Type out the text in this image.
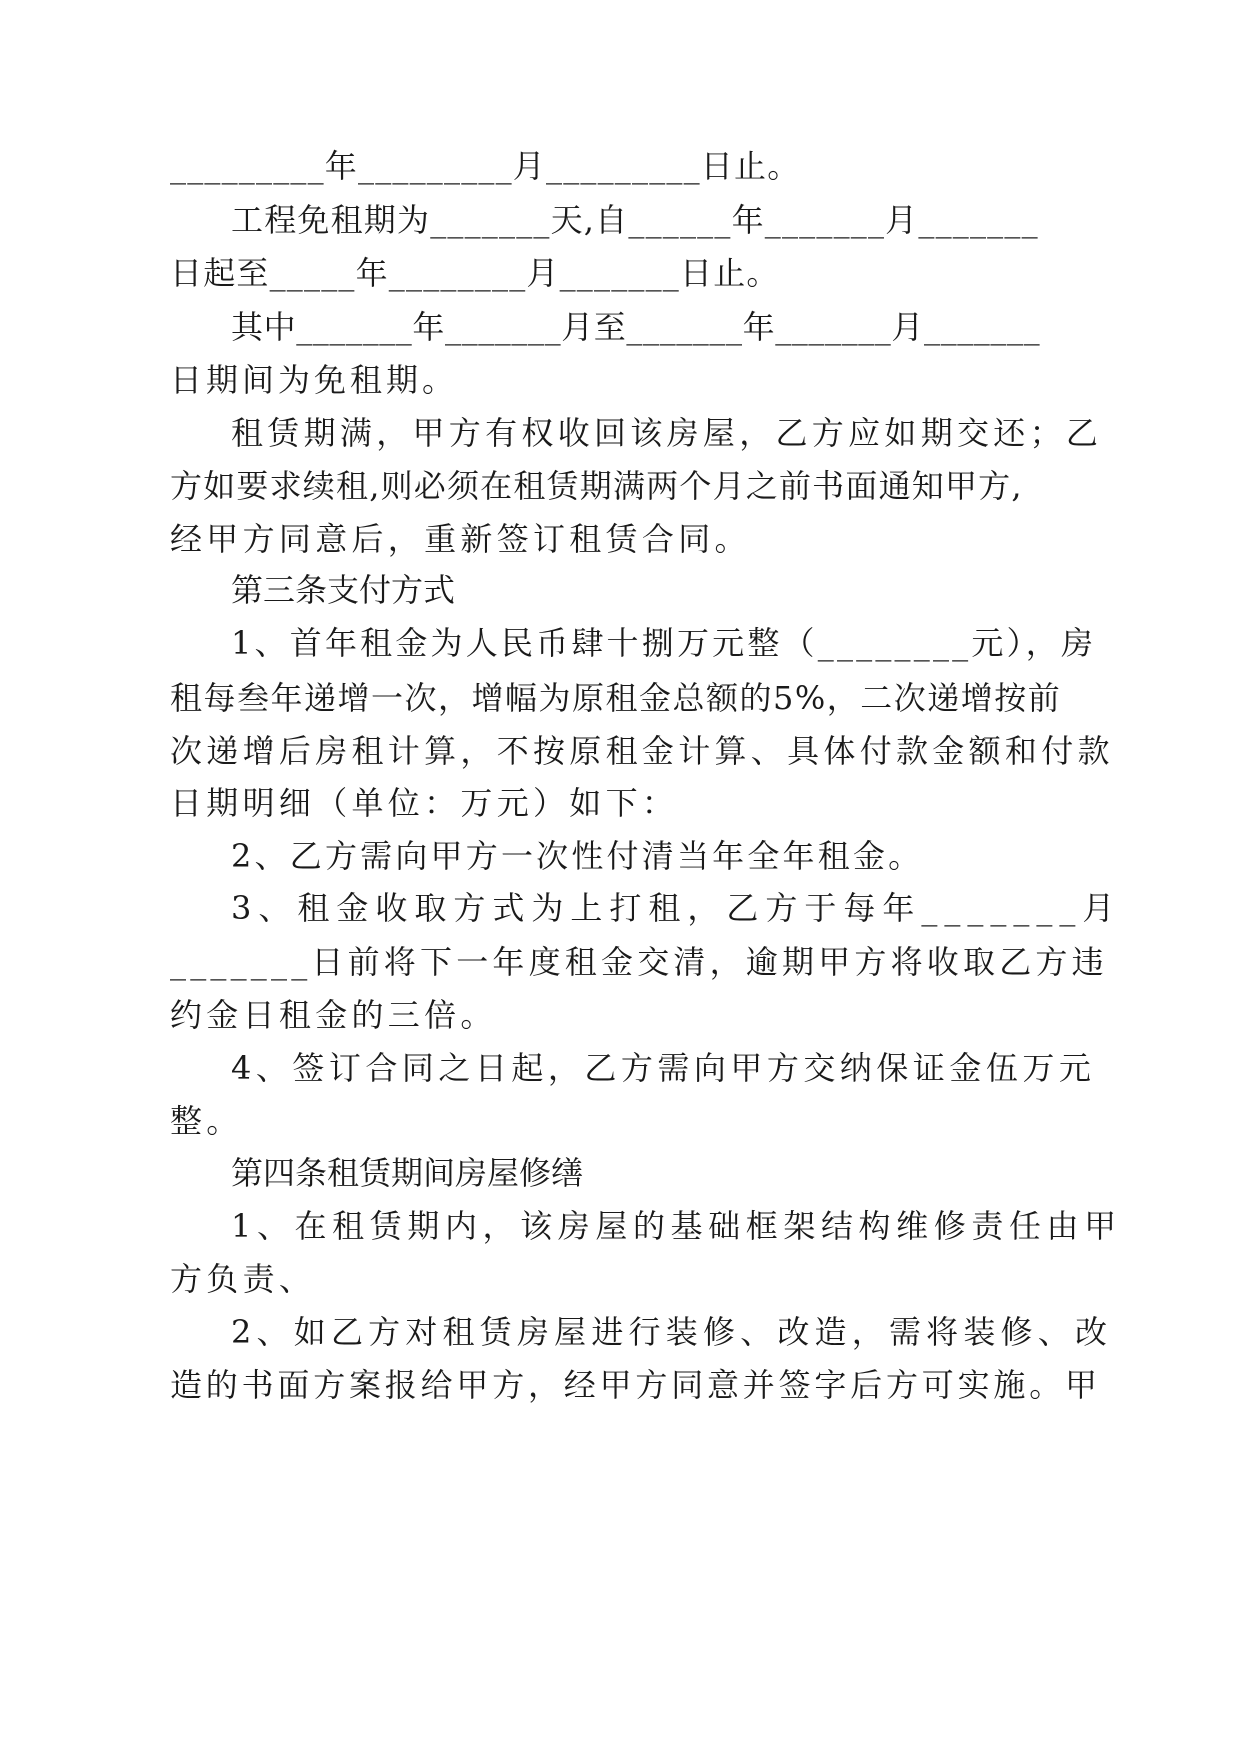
_________年_________月_________日止。

工程免租期为_______天,自______年_______月_______

日起至_____年________月_______日止。

其中_______年_______月至_______年_______月_______

日期间为免租期。

租赁期满，甲方有权收回该房屋，乙方应如期交还；乙

方如要求续租,则必须在租赁期满两个月之前书面通知甲方,

经甲方同意后，重新签订租赁合同。

第三条支付方式

1、首年租金为人民币肆十捌万元整（________元），房

租每叁年递增一次，增幅为原租金总额的5%，二次递增按前

次递增后房租计算，不按原租金计算、具体付款金额和付款

日期明细（单位：万元）如下：

2、乙方需向甲方一次性付清当年全年租金。

3、租金收取方式为上打租，乙方于每年_______月

_______日前将下一年度租金交清，逾期甲方将收取乙方违

约金日租金的三倍。

4、签订合同之日起，乙方需向甲方交纳保证金伍万元

整。

第四条租赁期间房屋修缮

1、在租赁期内，该房屋的基础框架结构维修责任由甲

方负责、

2、如乙方对租赁房屋进行装修、改造，需将装修、改

造的书面方案报给甲方，经甲方同意并签字后方可实施。甲
